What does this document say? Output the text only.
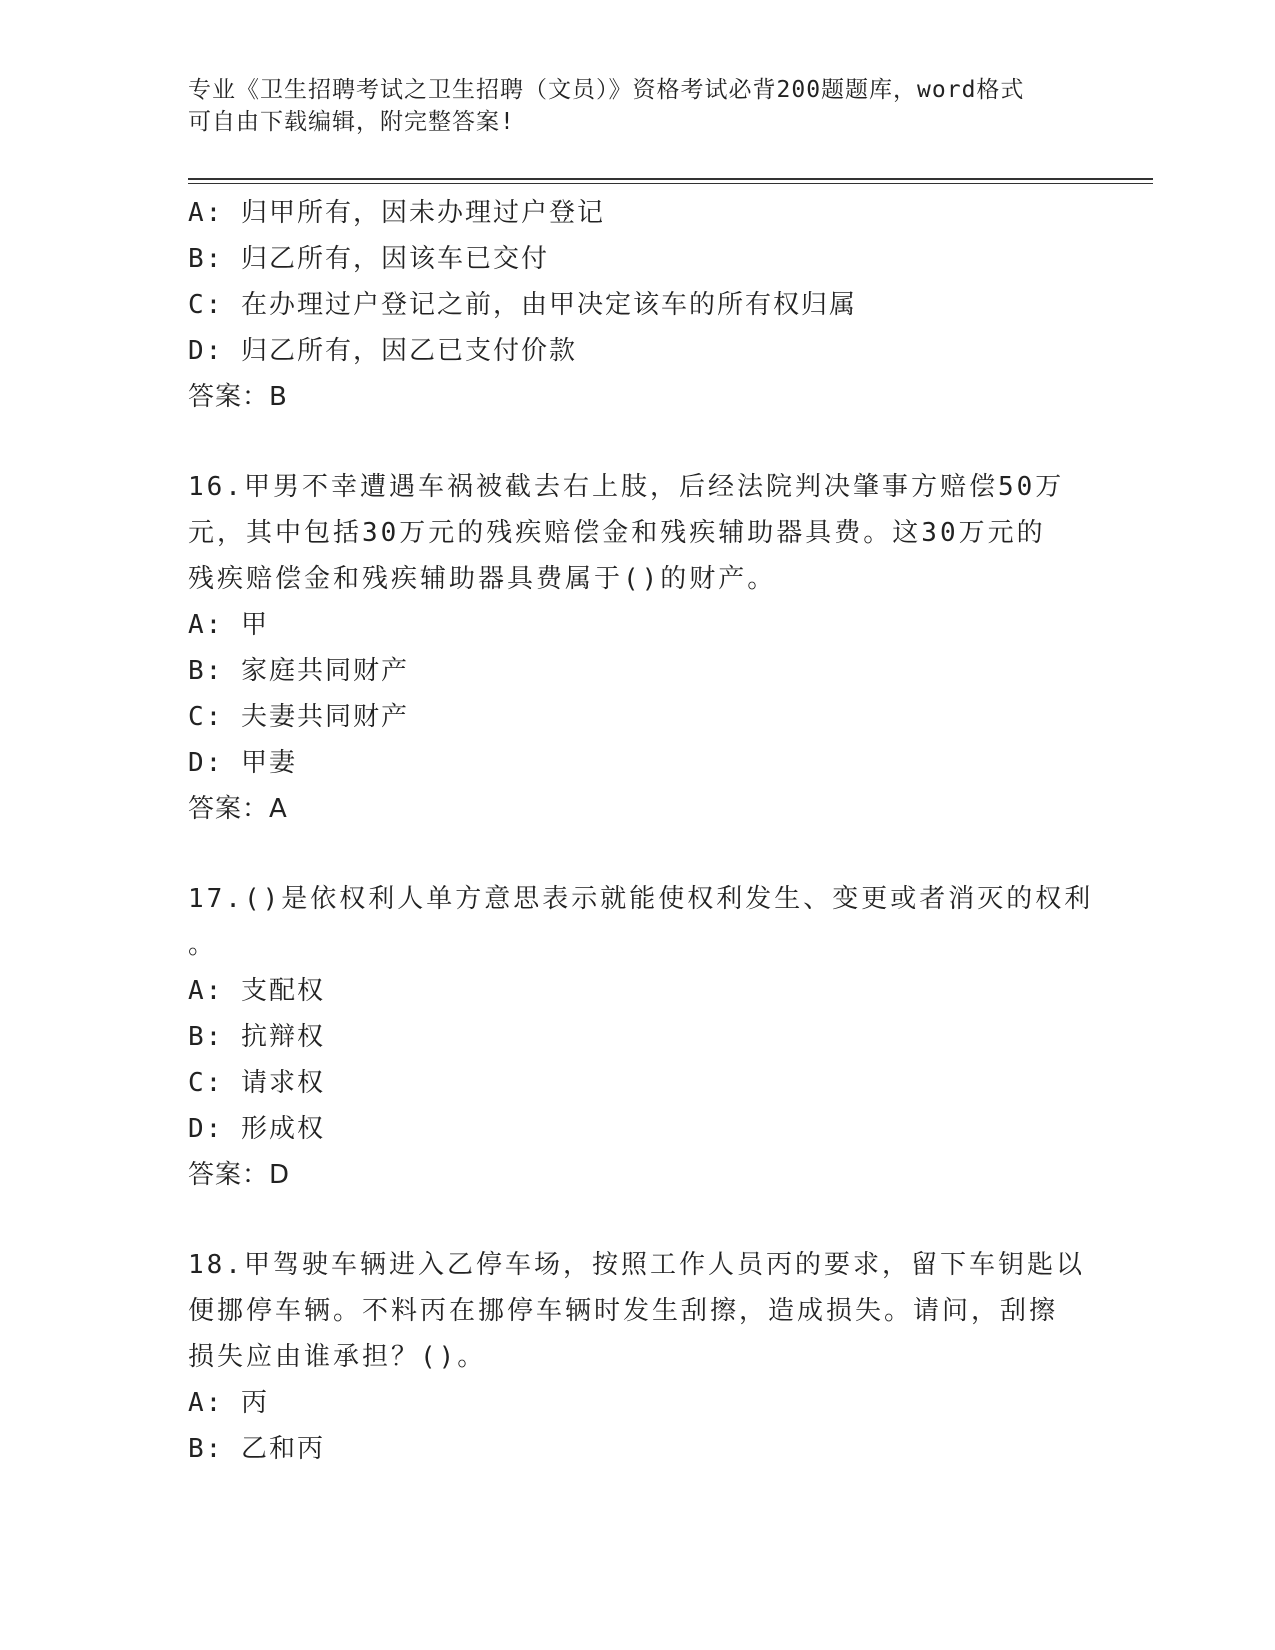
专业《卫生招聘考试之卫生招聘（文员）》资格考试必背200题题库，word格式
可自由下载编辑，附完整答案!
A: 归甲所有，因未办理过户登记
B: 归乙所有，因该车已交付
C: 在办理过户登记之前，由甲决定该车的所有权归属
D: 归乙所有，因乙已支付价款
答案：B
16.甲男不幸遭遇车祸被截去右上肢，后经法院判决肇事方赔偿50万
元，其中包括30万元的残疾赔偿金和残疾辅助器具费。这30万元的
残疾赔偿金和残疾辅助器具费属于()的财产。
A: 甲
B: 家庭共同财产
C: 夫妻共同财产
D: 甲妻
答案：A
17.()是依权利人单方意思表示就能使权利发生、变更或者消灭的权利
。
A: 支配权
B: 抗辩权
C: 请求权
D: 形成权
答案：D
18.甲驾驶车辆进入乙停车场，按照工作人员丙的要求，留下车钥匙以
便挪停车辆。不料丙在挪停车辆时发生刮擦，造成损失。请问，刮擦
损失应由谁承担？()。
A: 丙
B: 乙和丙
